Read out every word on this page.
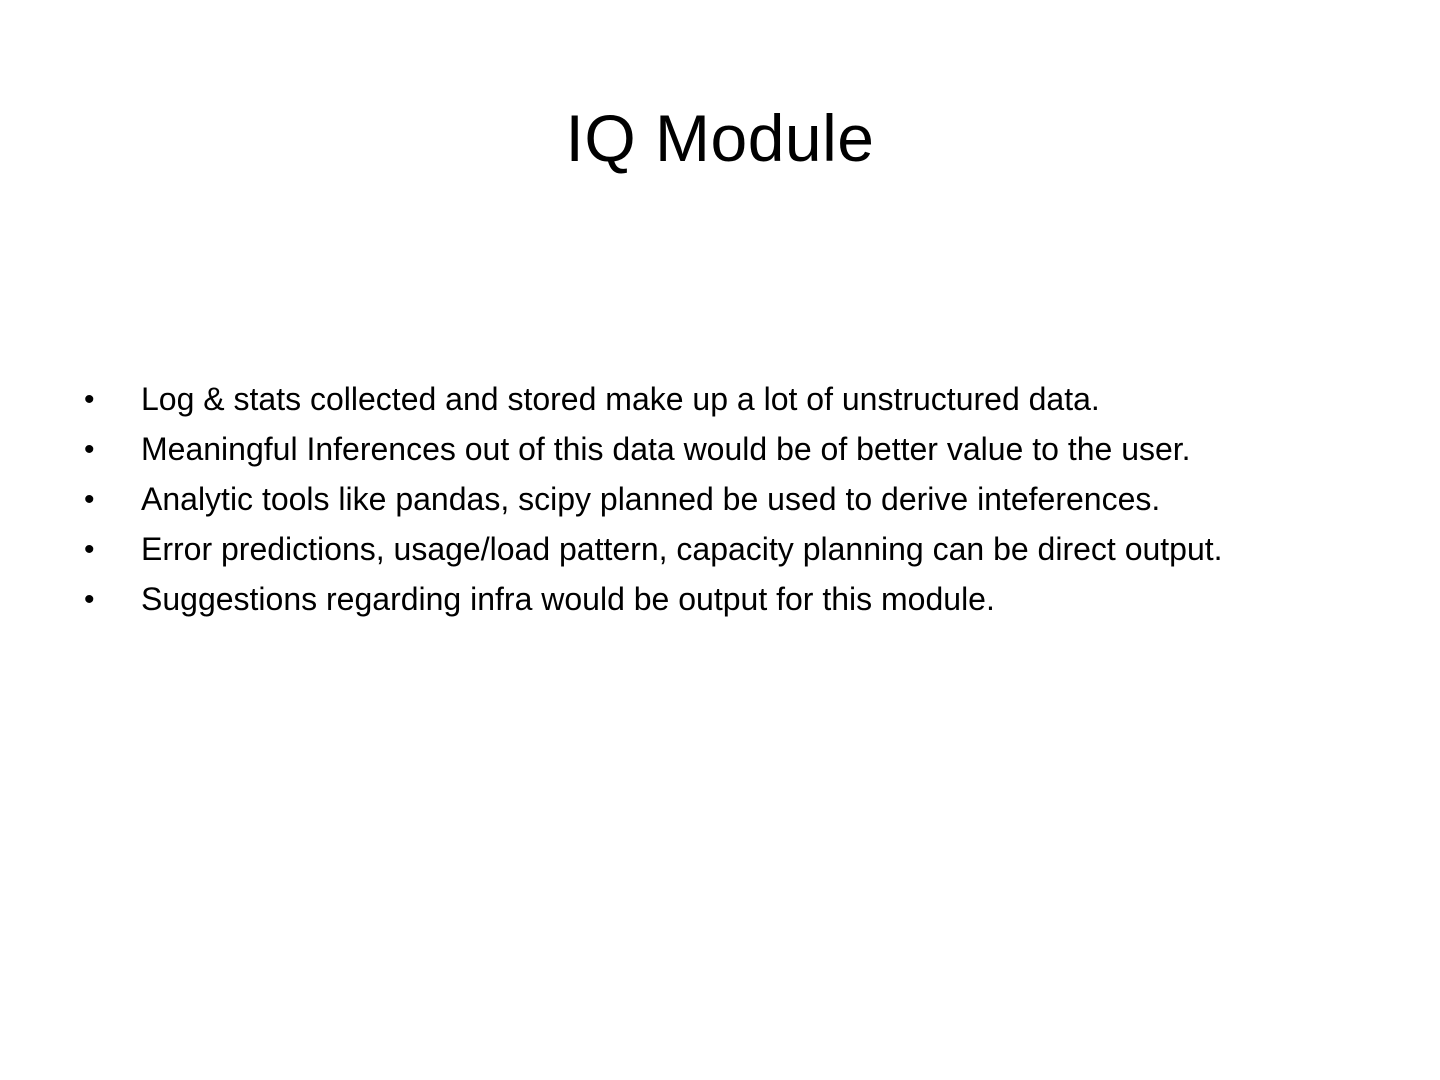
IQ Module
• Log & stats collected and stored make up a lot of unstructured data.
• Meaningful Inferences out of this data would be of better value to the user.
• Analytic tools like pandas, scipy planned be used to derive inteferences.
• Error predictions, usage/load pattern, capacity planning can be direct output.
• Suggestions regarding infra would be output for this module.
